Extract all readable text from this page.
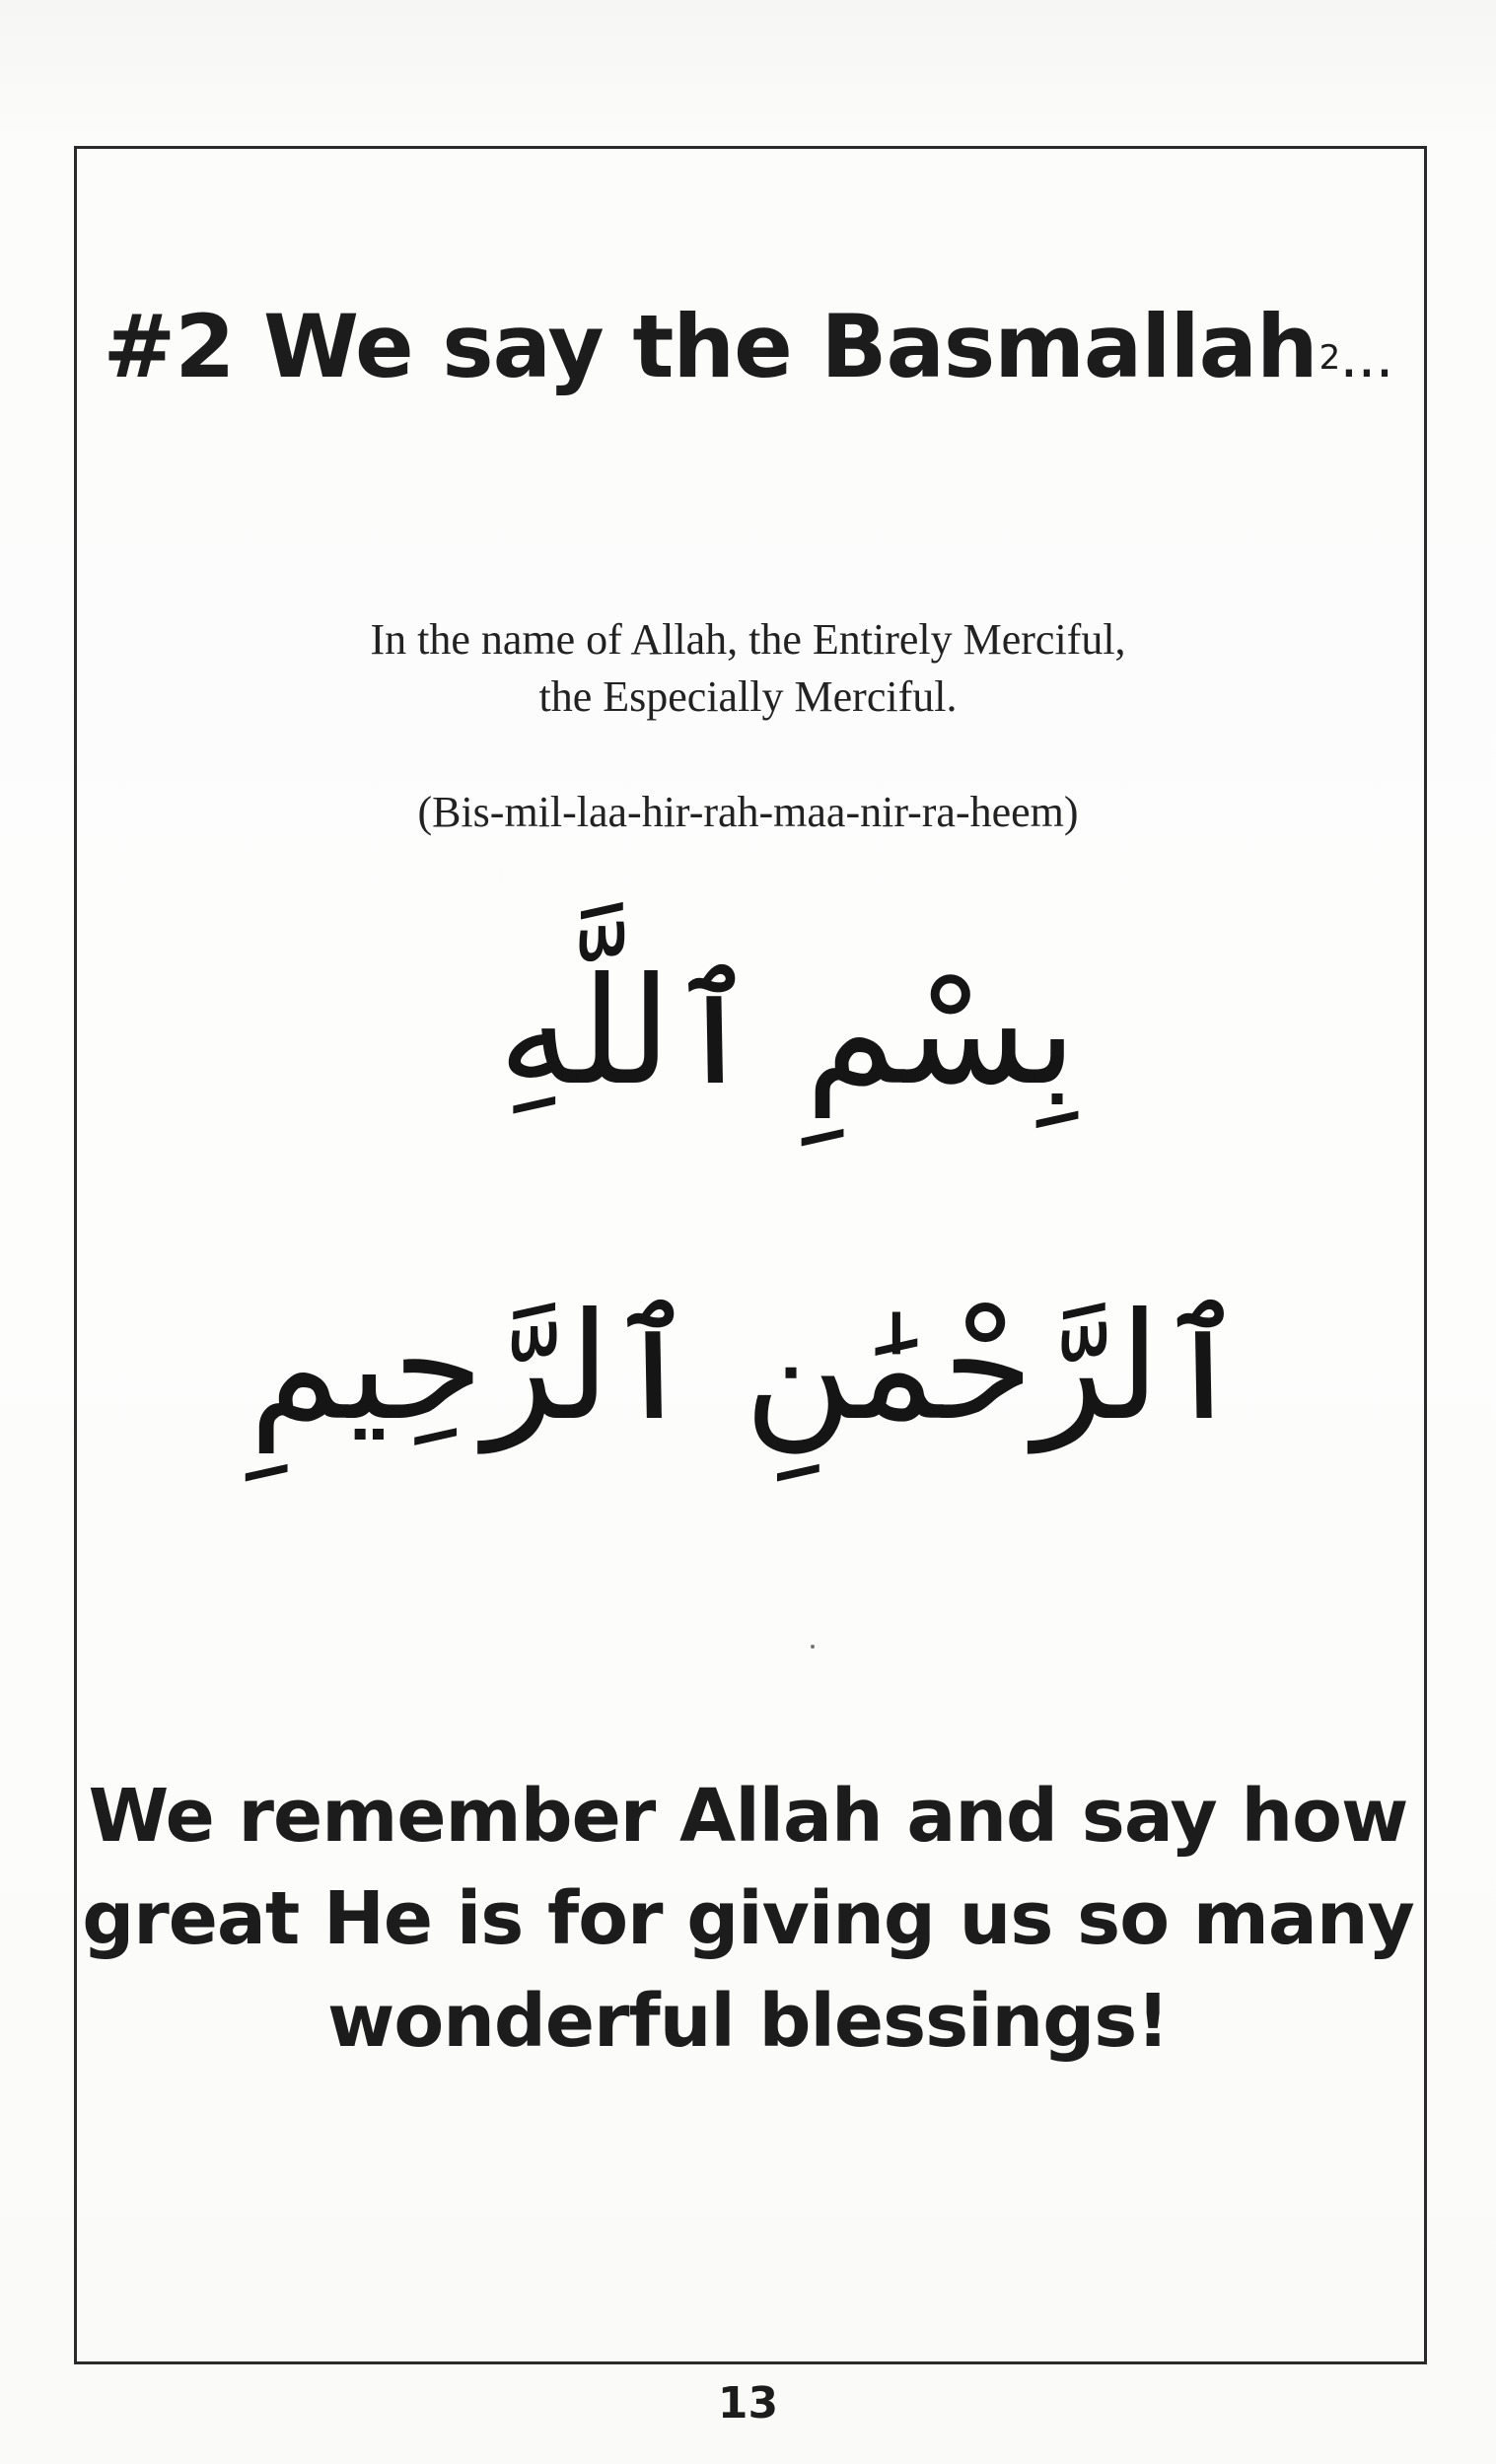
#2 We say the Basmallah2...
In the name of Allah, the Entirely Merciful,
the Especially Merciful.
(Bis-mil-laa-hir-rah-maa-nir-ra-heem)
بِسْمِ ٱللَّهِ
ٱلرَّحْمَٰنِ ٱلرَّحِيمِ
We remember Allah and say how
great He is for giving us so many
wonderful blessings!
13
